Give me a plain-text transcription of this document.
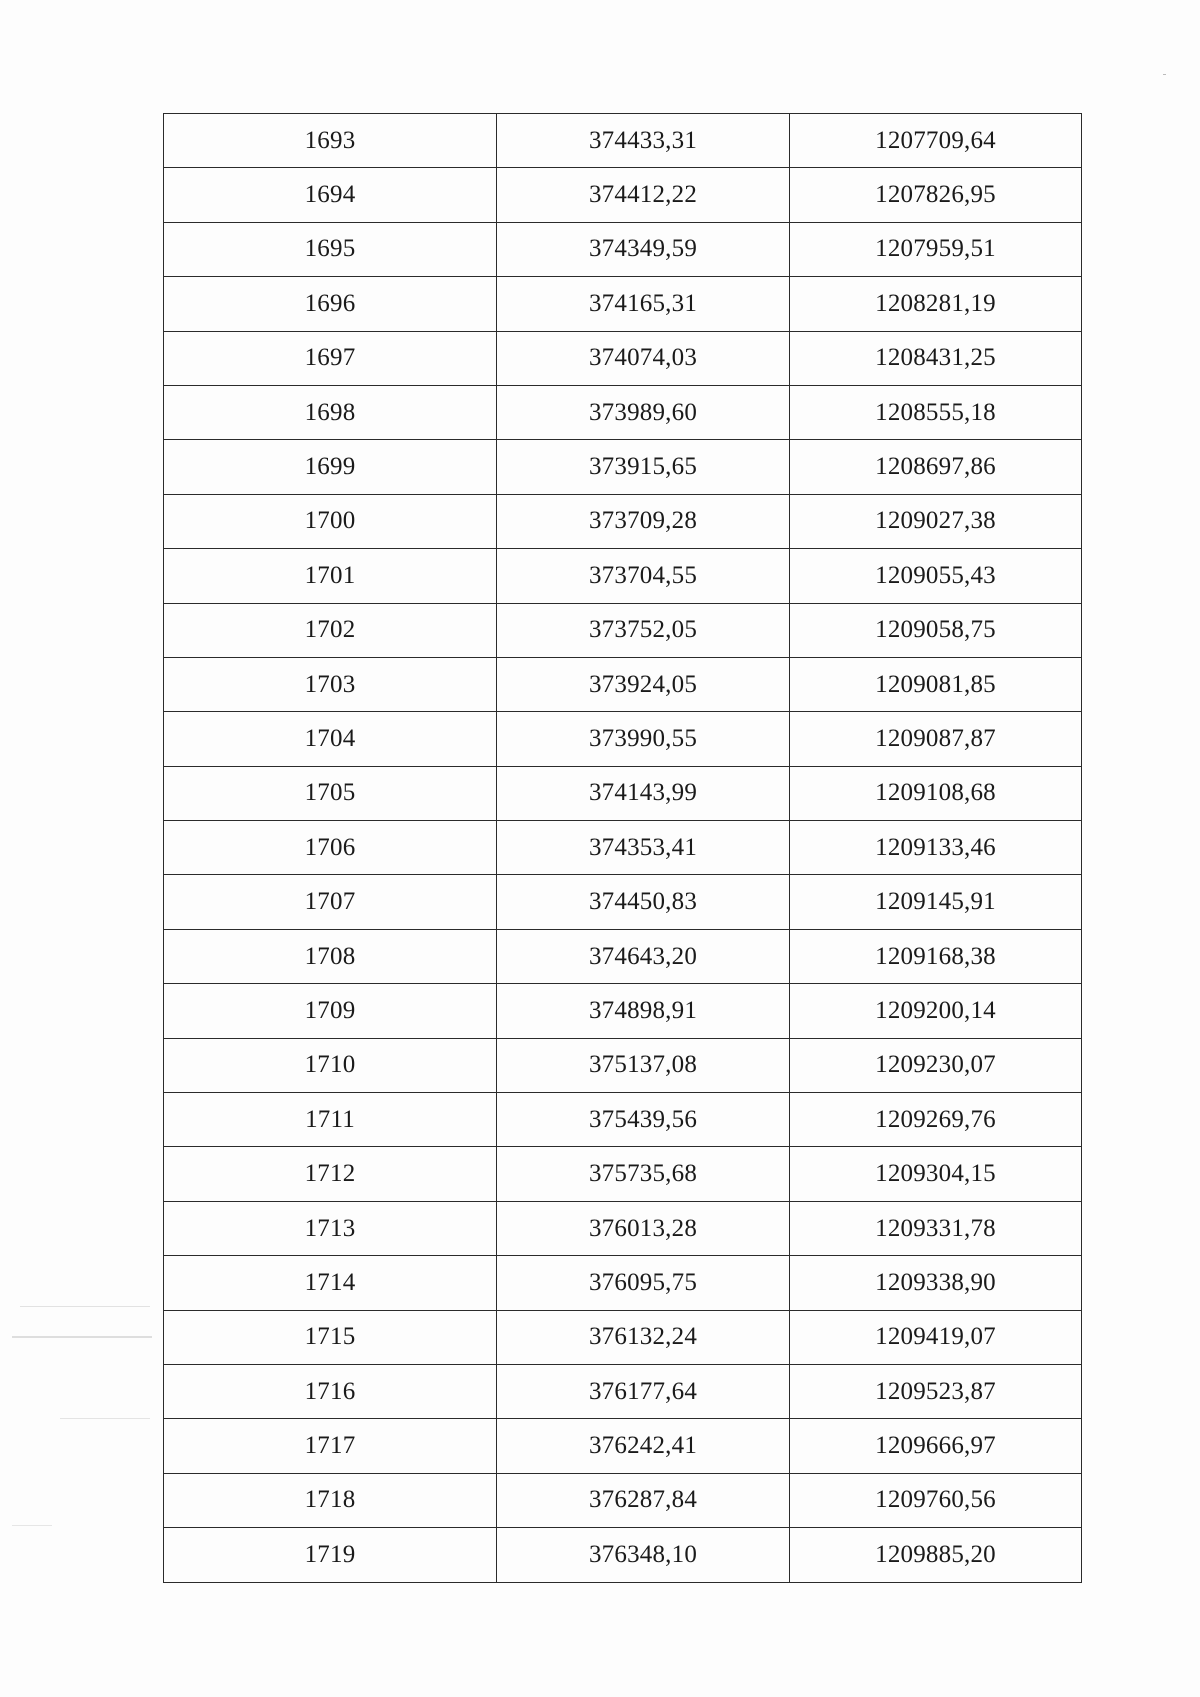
1693	374433,31	1207709,64
1694	374412,22	1207826,95
1695	374349,59	1207959,51
1696	374165,31	1208281,19
1697	374074,03	1208431,25
1698	373989,60	1208555,18
1699	373915,65	1208697,86
1700	373709,28	1209027,38
1701	373704,55	1209055,43
1702	373752,05	1209058,75
1703	373924,05	1209081,85
1704	373990,55	1209087,87
1705	374143,99	1209108,68
1706	374353,41	1209133,46
1707	374450,83	1209145,91
1708	374643,20	1209168,38
1709	374898,91	1209200,14
1710	375137,08	1209230,07
1711	375439,56	1209269,76
1712	375735,68	1209304,15
1713	376013,28	1209331,78
1714	376095,75	1209338,90
1715	376132,24	1209419,07
1716	376177,64	1209523,87
1717	376242,41	1209666,97
1718	376287,84	1209760,56
1719	376348,10	1209885,20
